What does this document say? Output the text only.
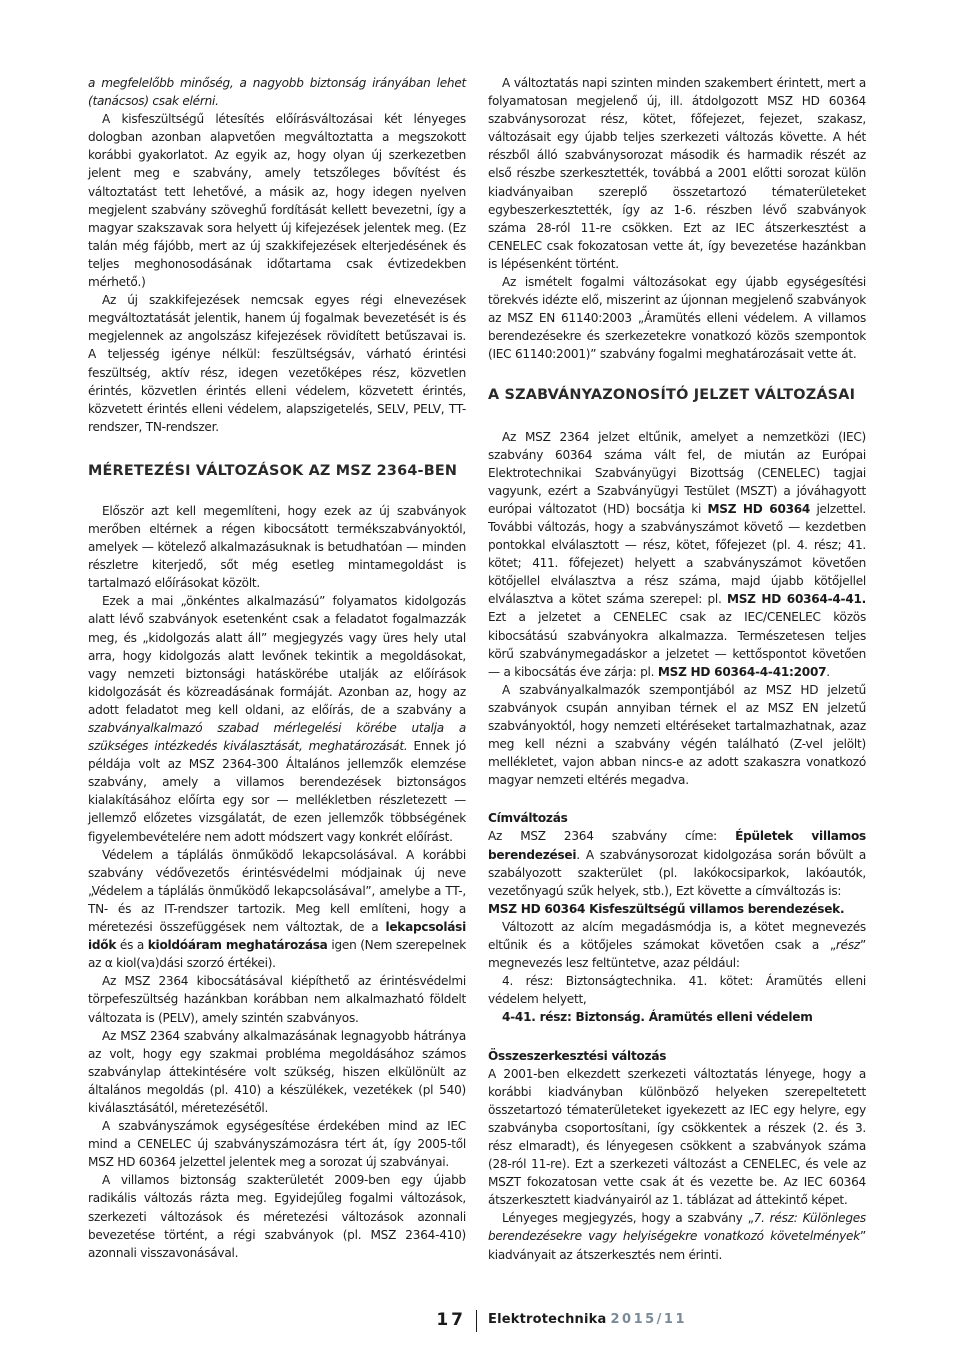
a megfelelőbb minőség, a nagyobb biztonság irányában lehet (tanácsos) csak elérni.

A kisfeszültségű létesítés előírásváltozásai két lényeges dologban azonban alapvetően megváltoztatta a megszokott korábbi gyakorlatot. Az egyik az, hogy olyan új szerkezetben jelent meg e szabvány, amely tetszőleges bővítést és változtatást tett lehetővé, a másik az, hogy idegen nyelven megjelent szabvány szöveghű fordítását kellett bevezetni, így a magyar szakszavak sora helyett új kifejezések jelentek meg. (Ez talán még fájóbb, mert az új szakkifejezések elterjedésének és teljes meghonosodásának időtartama csak évtizedekben mérhető.)

Az új szakkifejezések nemcsak egyes régi elnevezések megváltoztatását jelentik, hanem új fogalmak bevezetését is és megjelennek az angolszász kifejezések rövidített betűszavai is. A teljesség igénye nélkül: feszültségsáv, várható érintési feszültség, aktív rész, idegen vezetőképes rész, közvetlen érintés, közvetlen érintés elleni védelem, közvetett érintés, közvetett érintés elleni védelem, alapszigetelés, SELV, PELV, TT-rendszer, TN-rendszer.

MÉRETEZÉSI VÁLTOZÁSOK AZ MSZ 2364-BEN

Először azt kell megemlíteni, hogy ezek az új szabványok merőben eltérnek a régen kibocsátott termékszabványoktól, amelyek — kötelező alkalmazásuknak is betudhatóan — minden részletre kiterjedő, sőt még esetleg mintamegoldást is tartalmazó előírásokat közölt.

Ezek a mai „önkéntes alkalmazású” folyamatos kidolgozás alatt lévő szabványok esetenként csak a feladatot fogalmazzák meg, és „kidolgozás alatt áll” megjegyzés vagy üres hely utal arra, hogy kidolgozás alatt levőnek tekintik a megoldásokat, vagy nemzeti biztonsági hatáskörébe utalják az előírások kidolgozását és közreadásának formáját. Azonban az, hogy az adott feladatot meg kell oldani, az előírás, de a szabvány a szabványalkalmazó szabad mérlegelési körébe utalja a szükséges intézkedés kiválasztását, meghatározását. Ennek jó példája volt az MSZ 2364-300 Általános jellemzők elemzése szabvány, amely a villamos berendezések biztonságos kialakításához előírta egy sor — mellékletben részletezett — jellemző előzetes vizsgálatát, de ezen jellemzők többségének figyelembevételére nem adott módszert vagy konkrét előírást.

Védelem a táplálás önműködő lekapcsolásával. A korábbi szabvány védővezetős érintésvédelmi módjainak új neve „Védelem a táplálás önműködő lekapcsolásával”, amelybe a TT-, TN- és az IT-rendszer tartozik. Meg kell említeni, hogy a méretezési összefüggések nem változtak, de a lekapcsolási idők és a kioldóáram meghatározása igen (Nem szerepelnek az α kiol(va)dási szorzó értékei).

Az MSZ 2364 kibocsátásával kiépíthető az érintésvédelmi törpefeszültség hazánkban korábban nem alkalmazható földelt változata is (PELV), amely szintén szabványos.

Az MSZ 2364 szabvány alkalmazásának legnagyobb hátránya az volt, hogy egy szakmai probléma megoldásához számos szabványlap áttekintésére volt szükség, hiszen elkülönült az általános megoldás (pl. 410) a készülékek, vezetékek (pl 540) kiválasztásától, méretezésétől.

A szabványszámok egységesítése érdekében mind az IEC mind a CENELEC új szabványszámozásra tért át, így 2005-től MSZ HD 60364 jelzettel jelentek meg a sorozat új szabványai.

A villamos biztonság szakterületét 2009-ben egy újabb radikális változás rázta meg. Egyidejűleg fogalmi változások, szerkezeti változások és méretezési változások azonnali bevezetése történt, a régi szabványok (pl. MSZ 2364-410) azonnali visszavonásával.

A változtatás napi szinten minden szakembert érintett, mert a folyamatosan megjelenő új, ill. átdolgozott MSZ HD 60364 szabványsorozat rész, kötet, főfejezet, fejezet, szakasz, változásait egy újabb teljes szerkezeti változás követte. A hét részből álló szabványsorozat második és harmadik részét az első részbe szerkesztették, továbbá a 2001 előtti sorozat külön kiadványaiban szereplő összetartozó tématerületeket egybeszerkesztették, így az 1-6. részben lévő szabványok száma 28-ról 11-re csökken. Ezt az IEC átszerkesztést a CENELEC csak fokozatosan vette át, így bevezetése hazánkban is lépésenként történt.

Az ismételt fogalmi változásokat egy újabb egységesítési törekvés idézte elő, miszerint az újonnan megjelenő szabványok az MSZ EN 61140:2003 „Áramütés elleni védelem. A villamos berendezésekre és szerkezetekre vonatkozó közös szempontok (IEC 61140:2001)” szabvány fogalmi meghatározásait vette át.

A SZABVÁNYAZONOSÍTÓ JELZET VÁLTOZÁSAI

Az MSZ 2364 jelzet eltűnik, amelyet a nemzetközi (IEC) szabvány 60364 száma vált fel, de miután az Európai Elektrotechnikai Szabványügyi Bizottság (CENELEC) tagjai vagyunk, ezért a Szabványügyi Testület (MSZT) a jóváhagyott európai változatot (HD) bocsátja ki MSZ HD 60364 jelzettel. További változás, hogy a szabványszámot követő — kezdetben pontokkal elválasztott — rész, kötet, főfejezet (pl. 4. rész; 41. kötet; 411. főfejezet) helyett a szabványszámot követően kötőjellel elválasztva a rész száma, majd újabb kötőjellel elválasztva a kötet száma szerepel: pl. MSZ HD 60364-4-41. Ezt a jelzetet a CENELEC csak az IEC/CENELEC közös kibocsátású szabványokra alkalmazza. Természetesen teljes körű szabványmegadáskor a jelzetet — kettőspontot követően — a kibocsátás éve zárja: pl. MSZ HD 60364-4-41:2007.

A szabványalkalmazók szempontjából az MSZ HD jelzetű szabványok csupán annyiban térnek el az MSZ EN jelzetű szabványoktól, hogy nemzeti eltéréseket tartalmazhatnak, azaz meg kell nézni a szabvány végén található (Z-vel jelölt) mellékletet, vajon abban nincs-e az adott szakaszra vonatkozó magyar nemzeti eltérés megadva.

Címváltozás

Az MSZ 2364 szabvány címe: Épületek villamos berendezései. A szabványsorozat kidolgozása során bővült a szabályozott szakterület (pl. lakókocsiparkok, lakóautók, vezetőnyagú szűk helyek, stb.), Ezt követte a címváltozás is:

MSZ HD 60364 Kisfeszültségű villamos berendezések.

Változott az alcím megadásmódja is, a kötet megnevezés eltűnik és a kötőjeles számokat követően csak a „rész” megnevezés lesz feltüntetve, azaz például:

4. rész: Biztonságtechnika. 41. kötet: Áramütés elleni védelem helyett,

4-41. rész: Biztonság. Áramütés elleni védelem

Összeszerkesztési változás

A 2001-ben elkezdett szerkezeti változtatás lényege, hogy a korábbi kiadványban különböző helyeken szerepeltetett összetartozó tématerületeket igyekezett az IEC egy helyre, egy szabványba csoportosítani, így csökkentek a részek (2. és 3. rész elmaradt), és lényegesen csökkent a szabványok száma (28-ról 11-re). Ezt a szerkezeti változást a CENELEC, és vele az MSZT fokozatosan vette csak át és vezette be. Az IEC 60364 átszerkesztett kiadványairól az 1. táblázat ad áttekintő képet.

Lényeges megjegyzés, hogy a szabvány „7. rész: Különleges berendezésekre vagy helyiségekre vonatkozó követelmények” kiadványait az átszerkesztés nem érinti.

17 Elektrotechnika 2015/11
